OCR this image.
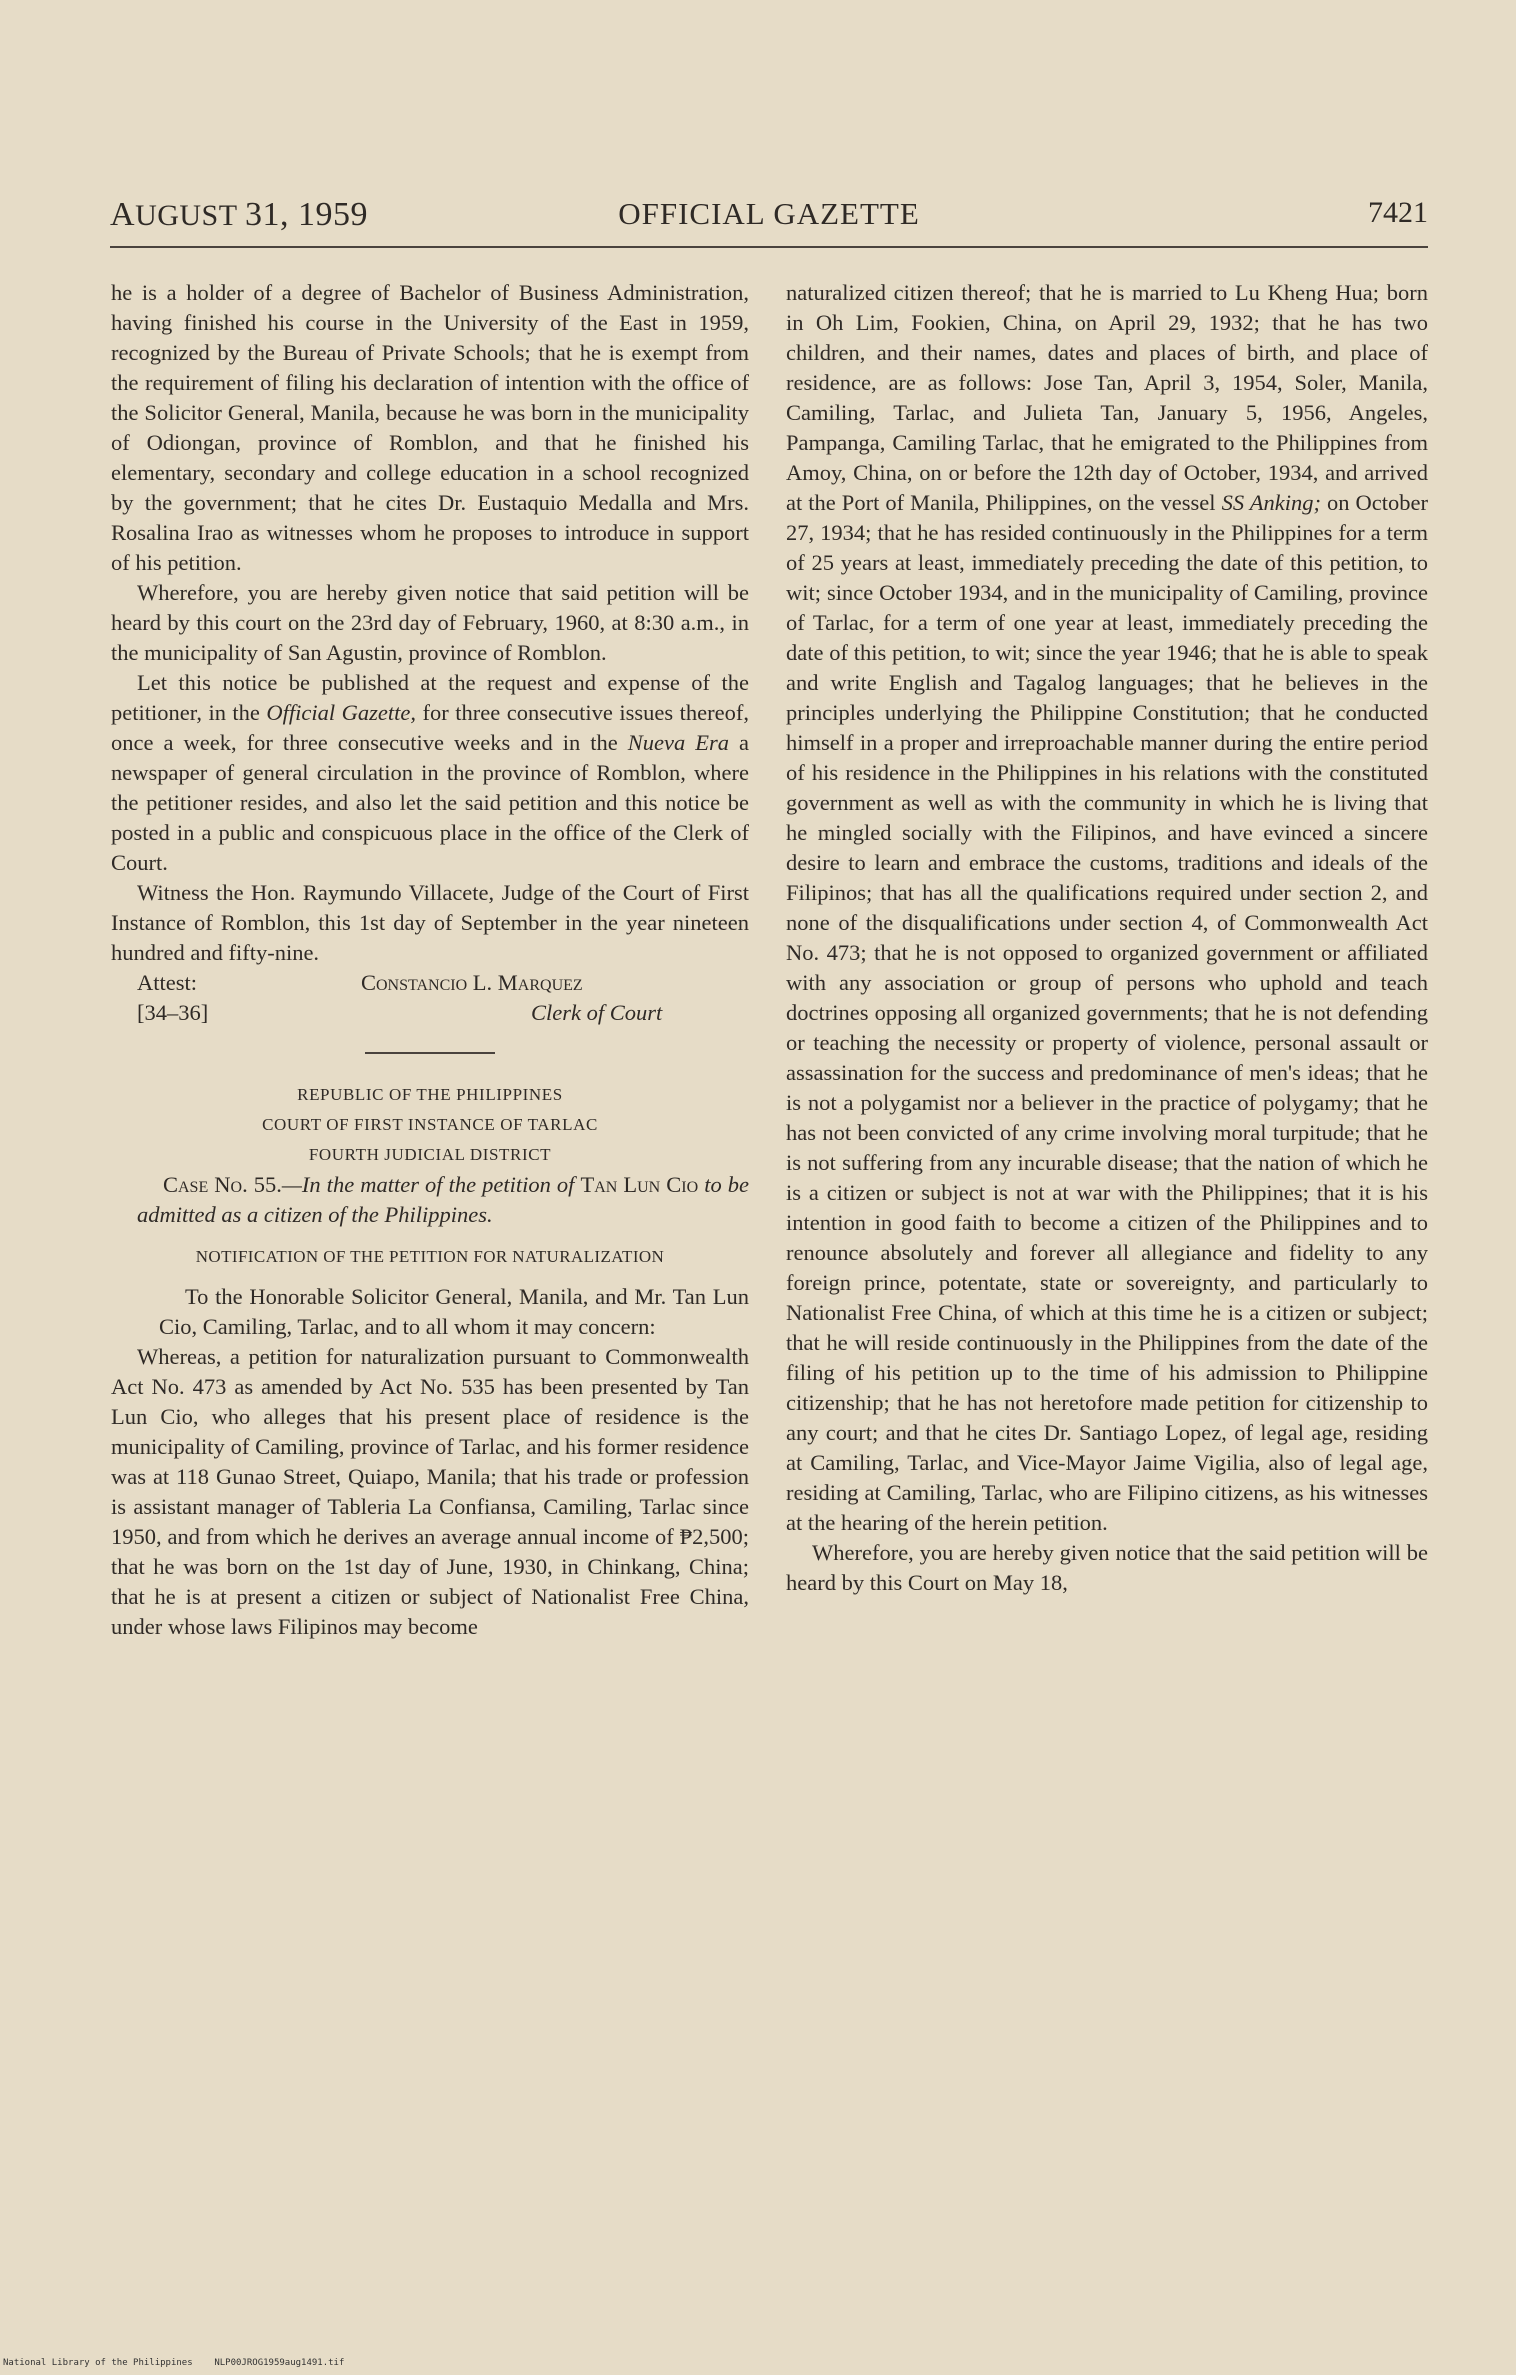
AUGUST 31, 1959	OFFICIAL GAZETTE	7421

he is a holder of a degree of Bachelor of Business Administration, having finished his course in the University of the East in 1959, recognized by the Bureau of Private Schools; that he is exempt from the requirement of filing his declaration of intention with the office of the Solicitor General, Manila, because he was born in the municipality of Odiongan, province of Romblon, and that he finished his elementary, secondary and college education in a school recognized by the government; that he cites Dr. Eustaquio Medalla and Mrs. Rosalina Irao as witnesses whom he proposes to introduce in support of his petition.

Wherefore, you are hereby given notice that said petition will be heard by this court on the 23rd day of February, 1960, at 8:30 a.m., in the municipality of San Agustin, province of Romblon.

Let this notice be published at the request and expense of the petitioner, in the Official Gazette, for three consecutive issues thereof, once a week, for three consecutive weeks and in the Nueva Era a newspaper of general circulation in the province of Romblon, where the petitioner resides, and also let the said petition and this notice be posted in a public and conspicuous place in the office of the Clerk of Court.

Witness the Hon. Raymundo Villacete, Judge of the Court of First Instance of Romblon, this 1st day of September in the year nineteen hundred and fifty-nine.

Attest:	Constancio L. Marquez
[34–36]	Clerk of Court
REPUBLIC OF THE PHILIPPINES
COURT OF FIRST INSTANCE OF TARLAC
FOURTH JUDICIAL DISTRICT

Case No. 55.—In the matter of the petition of Tan Lun Cio to be admitted as a citizen of the Philippines.

NOTIFICATION OF THE PETITION FOR NATURALIZATION

To the Honorable Solicitor General, Manila, and Mr. Tan Lun Cio, Camiling, Tarlac, and to all whom it may concern:

Whereas, a petition for naturalization pursuant to Commonwealth Act No. 473 as amended by Act No. 535 has been presented by Tan Lun Cio, who alleges that his present place of residence is the municipality of Camiling, province of Tarlac, and his former residence was at 118 Gunao Street, Quiapo, Manila; that his trade or profession is assistant manager of Tableria La Confiansa, Camiling, Tarlac since 1950, and from which he derives an average annual income of ₱2,500; that he was born on the 1st day of June, 1930, in Chinkang, China; that he is at present a citizen or subject of Nationalist Free China, under whose laws Filipinos may become

naturalized citizen thereof; that he is married to Lu Kheng Hua; born in Oh Lim, Fookien, China, on April 29, 1932; that he has two children, and their names, dates and places of birth, and place of residence, are as follows: Jose Tan, April 3, 1954, Soler, Manila, Camiling, Tarlac, and Julieta Tan, January 5, 1956, Angeles, Pampanga, Camiling Tarlac, that he emigrated to the Philippines from Amoy, China, on or before the 12th day of October, 1934, and arrived at the Port of Manila, Philippines, on the vessel SS Anking; on October 27, 1934; that he has resided continuously in the Philippines for a term of 25 years at least, immediately preceding the date of this petition, to wit; since October 1934, and in the municipality of Camiling, province of Tarlac, for a term of one year at least, immediately preceding the date of this petition, to wit; since the year 1946; that he is able to speak and write English and Tagalog languages; that he believes in the principles underlying the Philippine Constitution; that he conducted himself in a proper and irreproachable manner during the entire period of his residence in the Philippines in his relations with the constituted government as well as with the community in which he is living that he mingled socially with the Filipinos, and have evinced a sincere desire to learn and embrace the customs, traditions and ideals of the Filipinos; that has all the qualifications required under section 2, and none of the disqualifications under section 4, of Commonwealth Act No. 473; that he is not opposed to organized government or affiliated with any association or group of persons who uphold and teach doctrines opposing all organized governments; that he is not defending or teaching the necessity or property of violence, personal assault or assassination for the success and predominance of men's ideas; that he is not a polygamist nor a believer in the practice of polygamy; that he has not been convicted of any crime involving moral turpitude; that he is not suffering from any incurable disease; that the nation of which he is a citizen or subject is not at war with the Philippines; that it is his intention in good faith to become a citizen of the Philippines and to renounce absolutely and forever all allegiance and fidelity to any foreign prince, potentate, state or sovereignty, and particularly to Nationalist Free China, of which at this time he is a citizen or subject; that he will reside continuously in the Philippines from the date of the filing of his petition up to the time of his admission to Philippine citizenship; that he has not heretofore made petition for citizenship to any court; and that he cites Dr. Santiago Lopez, of legal age, residing at Camiling, Tarlac, and Vice-Mayor Jaime Vigilia, also of legal age, residing at Camiling, Tarlac, who are Filipino citizens, as his witnesses at the hearing of the herein petition.

Wherefore, you are hereby given notice that the said petition will be heard by this Court on May 18,

National Library of the Philippines NLP00JROG1959aug1491.tif
